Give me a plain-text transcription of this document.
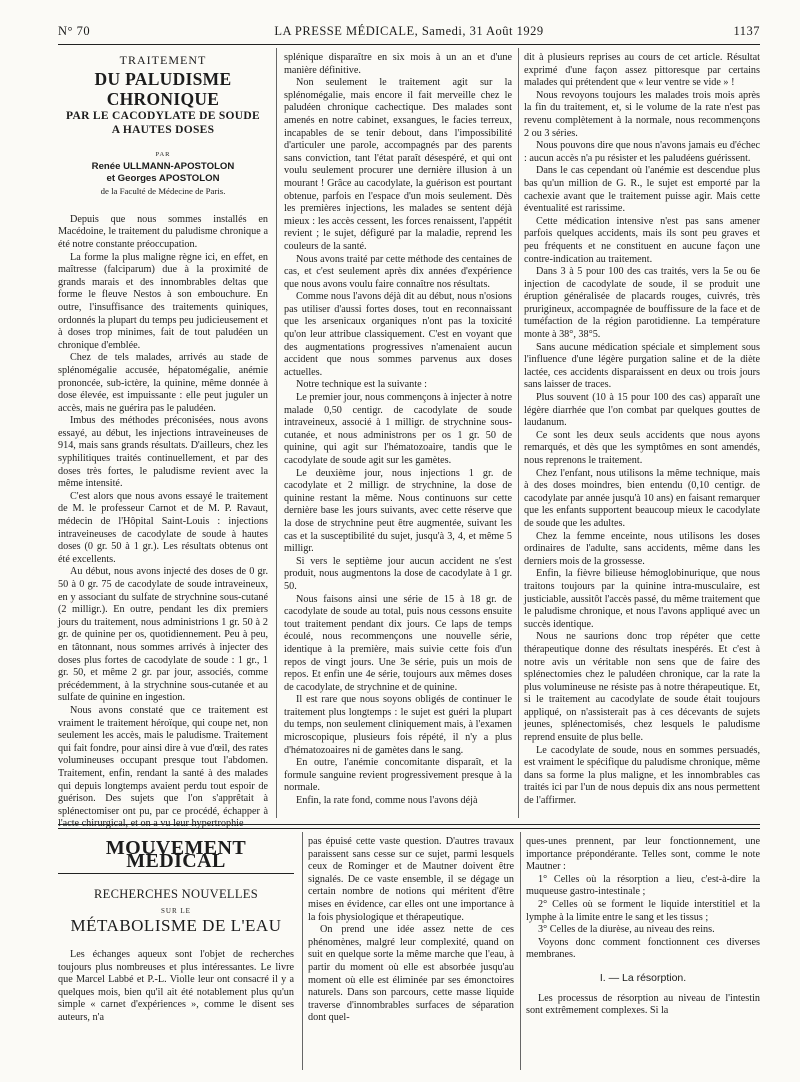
N° 70	LA PRESSE MÉDICALE, Samedi, 31 Août 1929	1137
TRAITEMENT
DU PALUDISME CHRONIQUE
PAR LE CACODYLATE DE SOUDE
A HAUTES DOSES
PAR
Renée ULLMANN-APOSTOLON
et Georges APOSTOLON
de la Faculté de Médecine de Paris.

Depuis que nous sommes installés en Macédoine, le traitement du paludisme chronique a été notre constante préoccupation.

La forme la plus maligne règne ici, en effet, en maîtresse (falciparum) due à la proximité de grands marais et des innombrables deltas que forme le fleuve Nestos à son embouchure. En outre, l'insuffisance des traitements quiniques, ordonnés la plupart du temps peu judicieusement et à doses trop minimes, fait de tout paludéen un chronique d'emblée.

Chez de tels malades, arrivés au stade de splénomégalie accusée, hépatomégalie, anémie prononcée, sub-ictère, la quinine, même donnée à dose élevée, est impuissante : elle peut juguler un accès, mais ne guérira pas le paludéen.

Imbus des méthodes préconisées, nous avons essayé, au début, les injections intraveineuses de 914, mais sans grands résultats. D'ailleurs, chez les syphilitiques traités continuellement, et par des doses très fortes, le paludisme revient avec la même intensité.

C'est alors que nous avons essayé le traitement de M. le professeur Carnot et de M. P. Ravaut, médecin de l'Hôpital Saint-Louis : injections intraveineuses de cacodylate de soude à hautes doses (0 gr. 50 à 1 gr.). Les résultats obtenus ont été excellents.

Au début, nous avons injecté des doses de 0 gr. 50 à 0 gr. 75 de cacodylate de soude intraveineux, en y associant du sulfate de strychnine sous-cutané (2 milligr.). En outre, pendant les dix premiers jours du traitement, nous administrions 1 gr. 50 à 2 gr. de quinine per os, quotidiennement. Peu à peu, en tâtonnant, nous sommes arrivés à injecter des doses plus fortes de cacodylate de soude : 1 gr., 1 gr. 50, et même 2 gr. par jour, associés, comme précédemment, à la strychnine sous-cutanée et au sulfate de quinine en ingestion.

Nous avons constaté que ce traitement est vraiment le traitement héroïque, qui coupe net, non seulement les accès, mais le paludisme. Traitement qui fait fondre, pour ainsi dire à vue d'œil, des rates volumineuses occupant presque tout l'abdomen. Traitement, enfin, rendant la santé à des malades qui depuis longtemps avaient perdu tout espoir de guérison. Des sujets que l'on s'apprêtait à splénectomiser ont pu, par ce procédé, échapper à l'acte chirurgical, et on a vu leur hypertrophie

splénique disparaître en six mois à un an et d'une manière définitive.

Non seulement le traitement agit sur la splénomégalie, mais encore il fait merveille chez le paludéen chronique cachectique. Des malades sont amenés en notre cabinet, exsangues, le facies terreux, incapables de se tenir debout, dans l'impossibilité d'articuler une parole, accompagnés par des parents sans conviction, tant l'état paraît désespéré, et qui ont voulu seulement procurer une dernière illusion à un mourant ! Grâce au cacodylate, la guérison est pourtant obtenue, parfois en l'espace d'un mois seulement. Dès les premières injections, les malades se sentent déjà mieux : les accès cessent, les forces renaissent, l'appétit revient ; le sujet, défiguré par la maladie, reprend les couleurs de la santé.

Nous avons traité par cette méthode des centaines de cas, et c'est seulement après dix années d'expérience que nous avons voulu faire connaître nos résultats.

Comme nous l'avons déjà dit au début, nous n'osions pas utiliser d'aussi fortes doses, tout en reconnaissant que les arsenicaux organiques n'ont pas la toxicité qu'on leur attribue classiquement. C'est en voyant que des augmentations progressives n'amenaient aucun accident que nous sommes parvenus aux doses actuelles.

Notre technique est la suivante :

Le premier jour, nous commençons à injecter à notre malade 0,50 centigr. de cacodylate de soude intraveineux, associé à 1 milligr. de strychnine sous-cutanée, et nous administrons per os 1 gr. 50 de quinine, qui agit sur l'hématozoaire, tandis que le cacodylate de soude agit sur les gamètes.

Le deuxième jour, nous injections 1 gr. de cacodylate et 2 milligr. de strychnine, la dose de quinine restant la même. Nous continuons sur cette dernière base les jours suivants, avec cette réserve que la dose de strychnine peut être augmentée, suivant les cas et la susceptibilité du sujet, jusqu'à 3, 4, et même 5 milligr.

Si vers le septième jour aucun accident ne s'est produit, nous augmentons la dose de cacodylate à 1 gr. 50.

Nous faisons ainsi une série de 15 à 18 gr. de cacodylate de soude au total, puis nous cessons ensuite tout traitement pendant dix jours. Ce laps de temps écoulé, nous recommençons une nouvelle série, identique à la première, mais suivie cette fois d'un repos de vingt jours. Une 3e série, puis un mois de repos. Et enfin une 4e série, toujours aux mêmes doses de cacodylate, de strychnine et de quinine.

Il est rare que nous soyons obligés de continuer le traitement plus longtemps : le sujet est guéri la plupart du temps, non seulement cliniquement mais, à l'examen microscopique, plusieurs fois répété, il n'y a plus d'hématozoaires ni de gamètes dans le sang.

En outre, l'anémie concomitante disparaît, et la formule sanguine revient progressivement presque à la normale.

Enfin, la rate fond, comme nous l'avons déjà

dit à plusieurs reprises au cours de cet article. Résultat exprimé d'une façon assez pittoresque par certains malades qui prétendent que « leur ventre se vide » !

Nous revoyons toujours les malades trois mois après la fin du traitement, et, si le volume de la rate n'est pas revenu complètement à la normale, nous recommençons 2 ou 3 séries.

Nous pouvons dire que nous n'avons jamais eu d'échec : aucun accès n'a pu résister et les paludéens guérissent.

Dans le cas cependant où l'anémie est descendue plus bas qu'un million de G. R., le sujet est emporté par la cachexie avant que le traitement puisse agir. Mais cette éventualité est rarissime.

Cette médication intensive n'est pas sans amener parfois quelques accidents, mais ils sont peu graves et peu fréquents et ne constituent en aucune façon une contre-indication au traitement.

Dans 3 à 5 pour 100 des cas traités, vers la 5e ou 6e injection de cacodylate de soude, il se produit une éruption généralisée de placards rouges, cuivrés, très prurigineux, accompagnée de bouffissure de la face et de tuméfaction de la région parotidienne. La température monte à 38°, 38°5.

Sans aucune médication spéciale et simplement sous l'influence d'une légère purgation saline et de la diète lactée, ces accidents disparaissent en deux ou trois jours sans laisser de traces.

Plus souvent (10 à 15 pour 100 des cas) apparaît une légère diarrhée que l'on combat par quelques gouttes de laudanum.

Ce sont les deux seuls accidents que nous ayons remarqués, et dès que les symptômes en sont amendés, nous reprenons le traitement.

Chez l'enfant, nous utilisons la même technique, mais à des doses moindres, bien entendu (0,10 centigr. de cacodylate par année jusqu'à 10 ans) en faisant remarquer que les enfants supportent beaucoup mieux le cacodylate de soude que les adultes.

Chez la femme enceinte, nous utilisons les doses ordinaires de l'adulte, sans accidents, même dans les derniers mois de la grossesse.

Enfin, la fièvre bilieuse hémoglobinurique, que nous traitons toujours par la quinine intra-musculaire, est justiciable, aussitôt l'accès passé, du même traitement que le paludisme chronique, et nous l'avons appliqué avec un succès identique.

Nous ne saurions donc trop répéter que cette thérapeutique donne des résultats inespérés. Et c'est à notre avis un véritable non sens que de faire des splénectomies chez le paludéen chronique, car la rate la plus volumineuse ne résiste pas à notre thérapeutique. Et, si le traitement au cacodylate de soude était toujours appliqué, on n'assisterait pas à ces décevants de sujets jeunes, splénectomisés, chez lesquels le paludisme reprend ensuite de plus belle.

Le cacodylate de soude, nous en sommes persuadés, est vraiment le spécifique du paludisme chronique, même dans sa forme la plus maligne, et les innombrables cas traités ici par l'un de nous depuis dix ans nous permettent de l'affirmer.

MOUVEMENT MÉDICAL
RECHERCHES NOUVELLES
SUR LE
MÉTABOLISME DE L'EAU

Les échanges aqueux sont l'objet de recherches toujours plus nombreuses et plus intéressantes. Le livre que Marcel Labbé et P.-L. Violle leur ont consacré il y a quelques mois, bien qu'il ait été notablement plus qu'un simple « carnet d'expériences », comme le disent ses auteurs, n'a

pas épuisé cette vaste question. D'autres travaux paraissent sans cesse sur ce sujet, parmi lesquels ceux de Rominger et de Mautner doivent être signalés. De ce vaste ensemble, il se dégage un certain nombre de notions qui méritent d'être mises en évidence, car elles ont une importance à la fois physiologique et thérapeutique.

On prend une idée assez nette de ces phénomènes, malgré leur complexité, quand on suit en quelque sorte la même marche que l'eau, à partir du moment où elle est absorbée jusqu'au moment où elle est éliminée par ses émonctoires naturels. Dans son parcours, cette masse liquide traverse d'innombrables surfaces de séparation dont quel-

ques-unes prennent, par leur fonctionnement, une importance prépondérante. Telles sont, comme le note Mautner :

1° Celles où la résorption a lieu, c'est-à-dire la muqueuse gastro-intestinale ;

2° Celles où se forment le liquide interstitiel et la lymphe à la limite entre le sang et les tissus ;

3° Celles de la diurèse, au niveau des reins.

Voyons donc comment fonctionnent ces diverses membranes.

I. — La résorption.

Les processus de résorption au niveau de l'intestin sont extrêmement complexes. Si la
